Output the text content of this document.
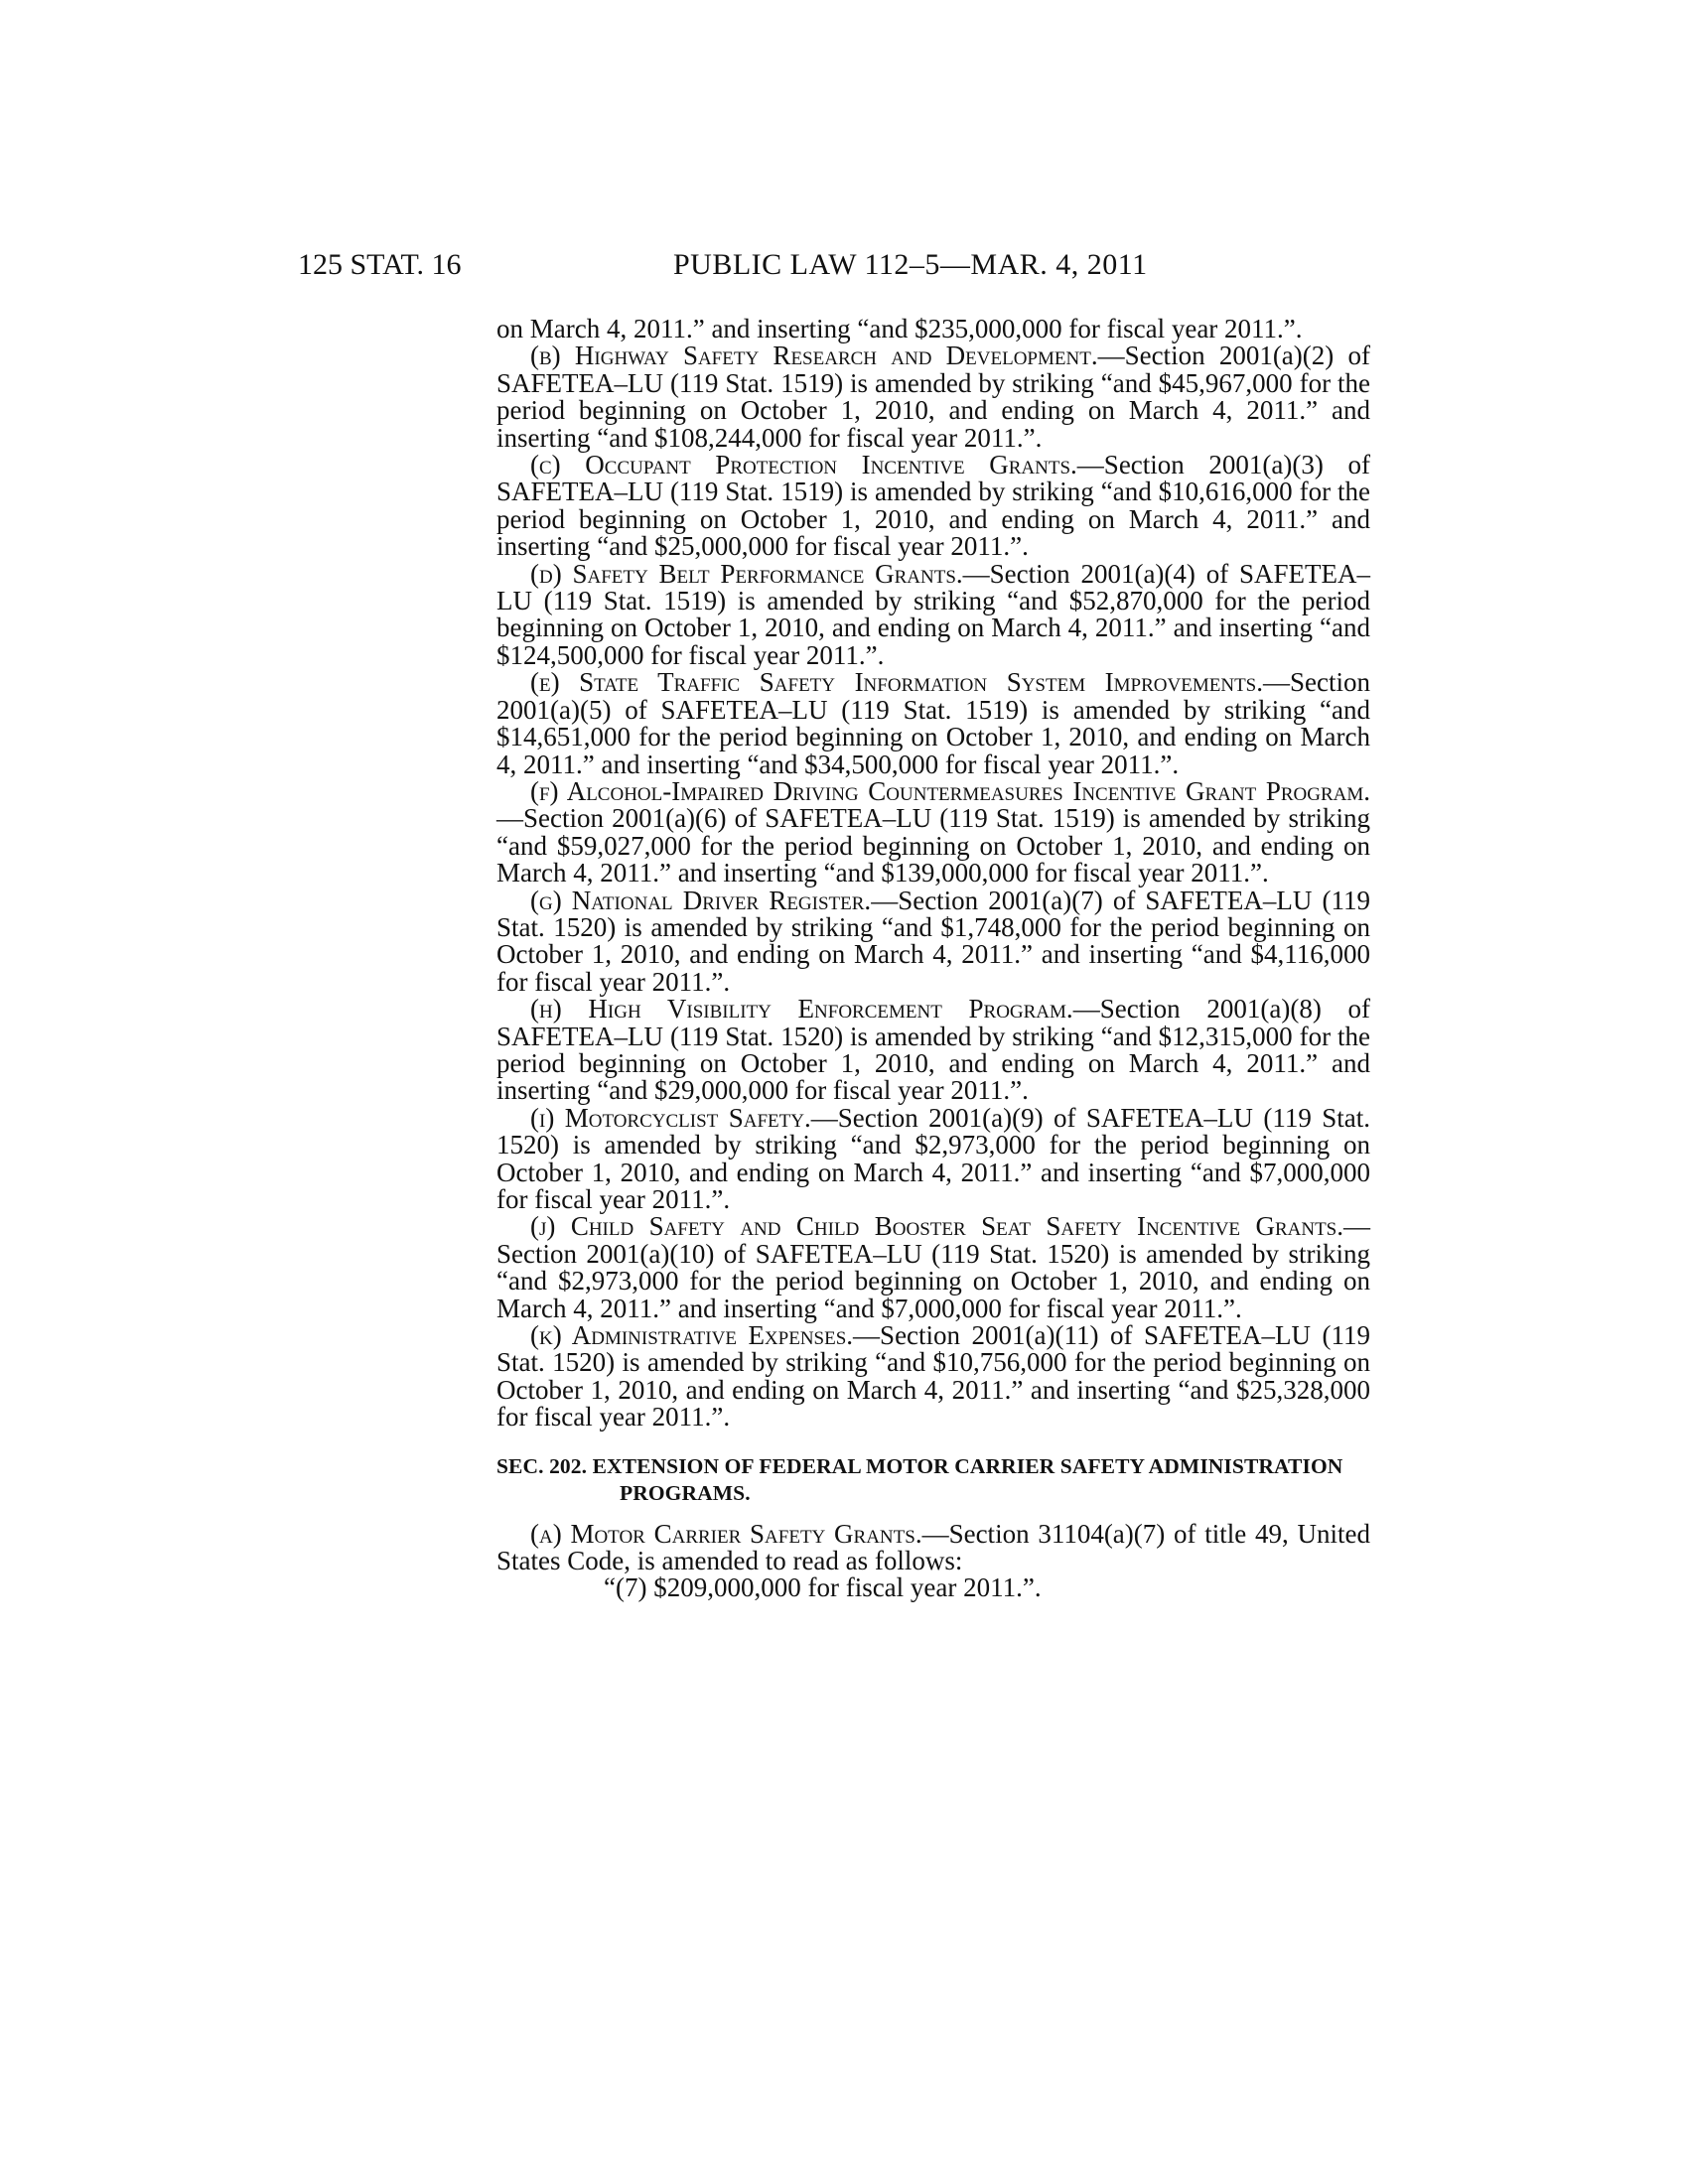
125 STAT. 16	PUBLIC LAW 112–5—MAR. 4, 2011

on March 4, 2011.” and inserting “and $235,000,000 for fiscal year 2011.”.

(b) Highway Safety Research and Development.—Section 2001(a)(2) of SAFETEA–LU (119 Stat. 1519) is amended by striking “and $45,967,000 for the period beginning on October 1, 2010, and ending on March 4, 2011.” and inserting “and $108,244,000 for fiscal year 2011.”.

(c) Occupant Protection Incentive Grants.—Section 2001(a)(3) of SAFETEA–LU (119 Stat. 1519) is amended by striking “and $10,616,000 for the period beginning on October 1, 2010, and ending on March 4, 2011.” and inserting “and $25,000,000 for fiscal year 2011.”.

(d) Safety Belt Performance Grants.—Section 2001(a)(4) of SAFETEA–LU (119 Stat. 1519) is amended by striking “and $52,870,000 for the period beginning on October 1, 2010, and ending on March 4, 2011.” and inserting “and $124,500,000 for fiscal year 2011.”.

(e) State Traffic Safety Information System Improvements.—Section 2001(a)(5) of SAFETEA–LU (119 Stat. 1519) is amended by striking “and $14,651,000 for the period beginning on October 1, 2010, and ending on March 4, 2011.” and inserting “and $34,500,000 for fiscal year 2011.”.

(f) Alcohol-Impaired Driving Countermeasures Incentive Grant Program.—Section 2001(a)(6) of SAFETEA–LU (119 Stat. 1519) is amended by striking “and $59,027,000 for the period beginning on October 1, 2010, and ending on March 4, 2011.” and inserting “and $139,000,000 for fiscal year 2011.”.

(g) National Driver Register.—Section 2001(a)(7) of SAFETEA–LU (119 Stat. 1520) is amended by striking “and $1,748,000 for the period beginning on October 1, 2010, and ending on March 4, 2011.” and inserting “and $4,116,000 for fiscal year 2011.”.

(h) High Visibility Enforcement Program.—Section 2001(a)(8) of SAFETEA–LU (119 Stat. 1520) is amended by striking “and $12,315,000 for the period beginning on October 1, 2010, and ending on March 4, 2011.” and inserting “and $29,000,000 for fiscal year 2011.”.

(i) Motorcyclist Safety.—Section 2001(a)(9) of SAFETEA–LU (119 Stat. 1520) is amended by striking “and $2,973,000 for the period beginning on October 1, 2010, and ending on March 4, 2011.” and inserting “and $7,000,000 for fiscal year 2011.”.

(j) Child Safety and Child Booster Seat Safety Incentive Grants.—Section 2001(a)(10) of SAFETEA–LU (119 Stat. 1520) is amended by striking “and $2,973,000 for the period beginning on October 1, 2010, and ending on March 4, 2011.” and inserting “and $7,000,000 for fiscal year 2011.”.

(k) Administrative Expenses.—Section 2001(a)(11) of SAFETEA–LU (119 Stat. 1520) is amended by striking “and $10,756,000 for the period beginning on October 1, 2010, and ending on March 4, 2011.” and inserting “and $25,328,000 for fiscal year 2011.”.

SEC. 202. EXTENSION OF FEDERAL MOTOR CARRIER SAFETY ADMINISTRATION PROGRAMS.

(a) Motor Carrier Safety Grants.—Section 31104(a)(7) of title 49, United States Code, is amended to read as follows:

“(7) $209,000,000 for fiscal year 2011.”.
